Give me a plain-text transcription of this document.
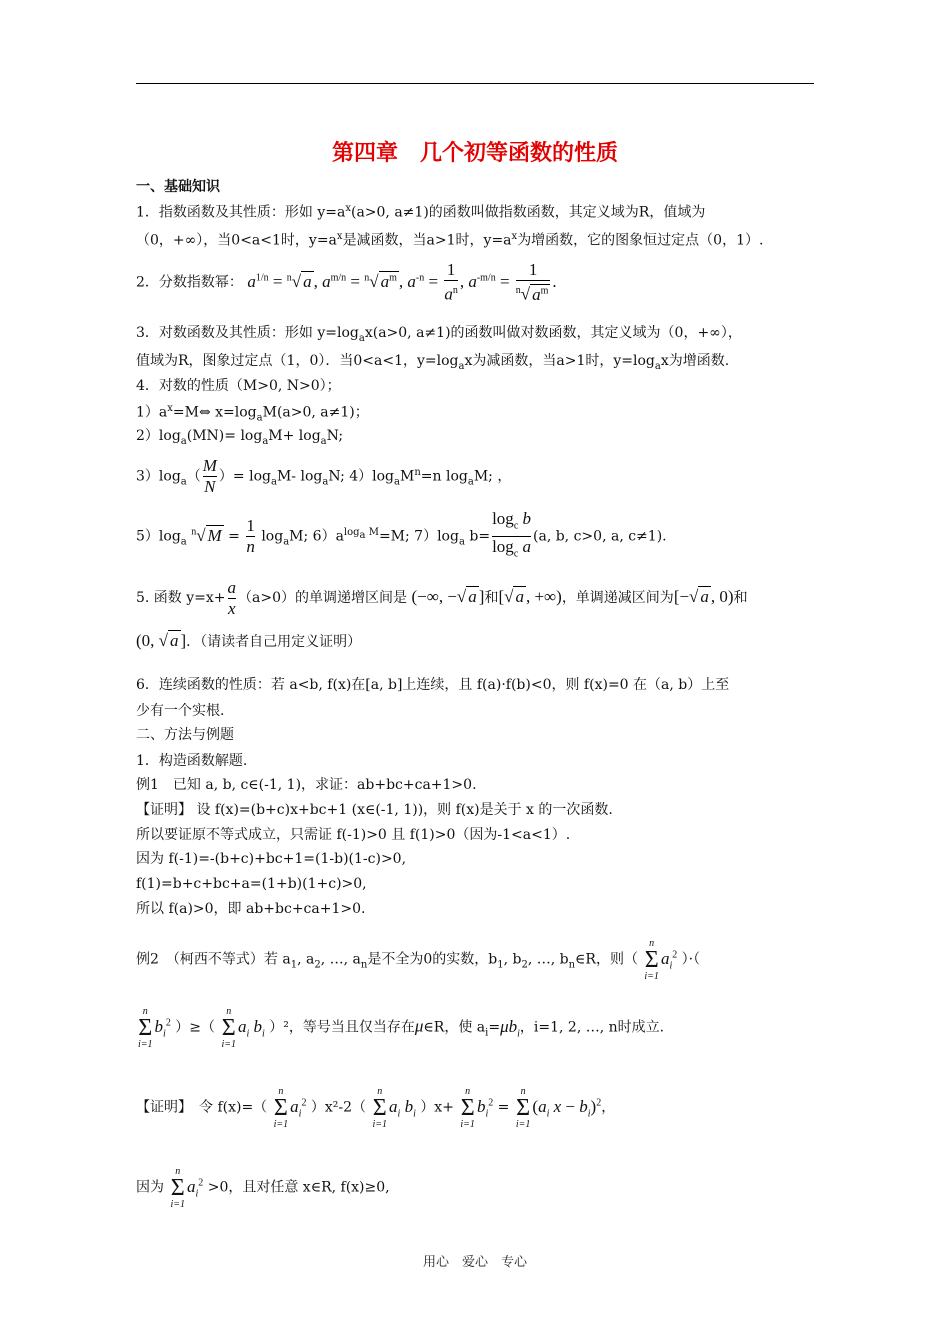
第四章　几个初等函数的性质
一、基础知识
1．指数函数及其性质：形如 $y=a^x(a>0$, a≠1)的函数叫做指数函数，其定义域为R，值域为
（0，+∞），当0<a<1时，$y=a^x$是减函数，当a>1时，$y=a^x$为增函数，它的图象恒过定点（0，1）.
2．分数指数幂： $a^{1/n} = ^n√$ a , $a^{m/n} = ^n√$ $a^m$ , $a^{-n} = \frac{1}{a^n}$ , $a^{-m/n} = \frac{1}{^n√ a^m}$ .
3．对数函数及其性质：形如 $y=\log_ax(a>0$, a≠1)的函数叫做对数函数，其定义域为（0，+∞），
值域为R，图象过定点（1，0）．当0<a<1，$y=\log_ax$为减函数，当a>1时，$y=\log_ax$为增函数.
4．对数的性质（M>0, N>0）；
$1)a^x=M\Leftrightarrow$ $x=\log_aM(a>0$, a≠1)；
$2)\log_a(MN)= \log_aM+ \log_aN$;
$3)\log_a( \frac{M}{N}$ ）= $\log_aM-$ $\log_aN$; $4)\log_aM^n=n$ $\log_aM$; ，
$5)\log_a$ $^n$√ $M = \frac{1}{n} \log_aM$; $6)a^{log_a M}=M$; $7)\log_a$ $b= \frac{\log_c b}{\log_c a} (a$, b, c>0, a, c≠1).
5. 函数 $y=x+ \frac{a}{x} (a>0)$的单调递增区间是 (−∞, −√ a ]和[√ a , +∞)，单调递减区间为[−√ a , 0)和
(0, √ a ]．（请读者自己用定义证明）
6．连续函数的性质：若 a<b, f(x)在[a, b]上连续，且 f(a)·f(b)<0，则 f(x)=0 在（a, b）上至
少有一个实根.
二、方法与例题
1．构造函数解题.
例1　已知 a, b, c∈(-1, 1)，求证：ab+bc+ca+1>0.
【证明】 设 f(x)=(b+c)x+bc+1 (x∈(-1, 1))，则 f(x)是关于 x 的一次函数.
所以要证原不等式成立，只需证 f(-1)>0 且 f(1)>0（因为-1<a<1）.
因为 f(-1)=-(b+c)+bc+1=(1-b)(1-c)>0,
f(1)=b+c+bc+a=(1+b)(1+c)>0,
所以 f(a)>0，即 ab+bc+ca+1>0.
例2　（柯西不等式）若 $a_1$, $a_2$, …, $a_n$是不全为0的实数，$b_1$, $b_2$, …, $b_n\in R$，则（
n
Σ
i=1
$a_i^2$ ）·（
n
Σ
i=1
$b_i^2$ ）≥（
n
Σ
i=1
$a_i$ $b_i$ ）²，等号当且仅当存在μ∈R，使 $a_i=\mu b_i$，i=1, 2, …, n时成立.
【证明】　令 f(x)=（
n
Σ
i=1
$a_i^2$ ）x²-2（
n
Σ
i=1
$a_i$ $b_i$ ）x+
n
Σ
i=1
$b_i^2$ =
n
Σ
i=1
($a_i$ $x - b_i)^2$，
因为
n
Σ
i=1
$a_i^2 >0$，且对任意 x∈R, f(x)≥0,
用心　爱心　专心
